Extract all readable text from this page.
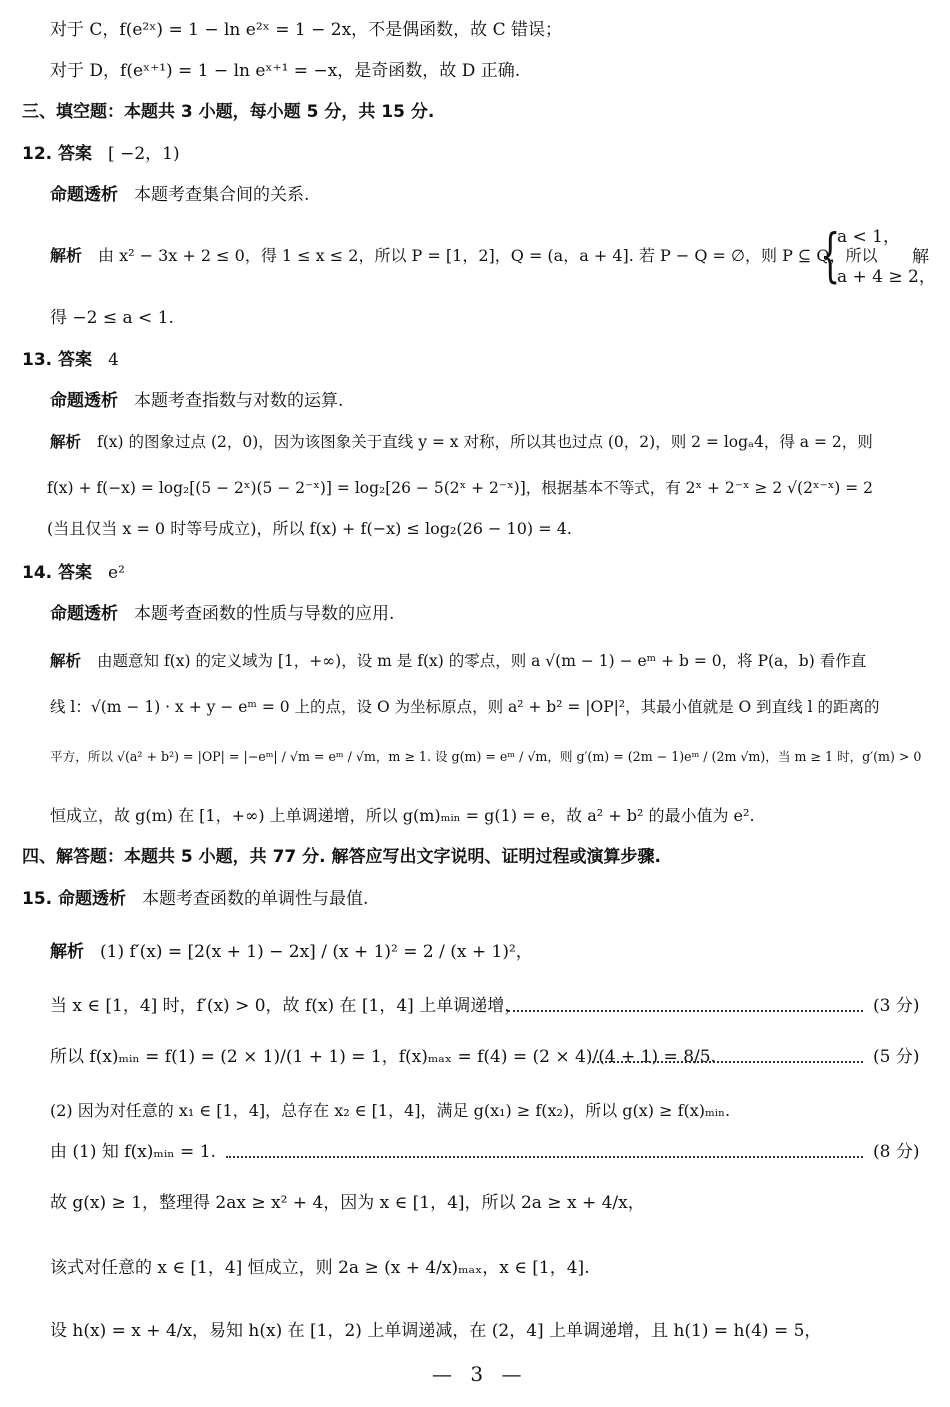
对于 C，f(e²ˣ) = 1 − ln e²ˣ = 1 − 2x，不是偶函数，故 C 错误；
对于 D，f(eˣ⁺¹) = 1 − ln eˣ⁺¹ = −x，是奇函数，故 D 正确.
三、填空题：本题共 3 小题，每小题 5 分，共 15 分.
12. 答案 [ −2，1)
命题透析 本题考查集合间的关系.
解析 由 x² − 3x + 2 ≤ 0，得 1 ≤ x ≤ 2，所以 P = [1，2]，Q = (a，a + 4]. 若 P − Q = ∅，则 P ⊆ Q，所以
{
a < 1，
a + 4 ≥ 2，
解
得 −2 ≤ a < 1.
13. 答案 4
命题透析 本题考查指数与对数的运算.
解析 f(x) 的图象过点 (2，0)，因为该图象关于直线 y = x 对称，所以其也过点 (0，2)，则 2 = logₐ4，得 a = 2，则
f(x) + f(−x) = log₂[(5 − 2ˣ)(5 − 2⁻ˣ)] = log₂[26 − 5(2ˣ + 2⁻ˣ)]，根据基本不等式，有 2ˣ + 2⁻ˣ ≥ 2 √(2ˣ⁻ˣ) = 2
(当且仅当 x = 0 时等号成立)，所以 f(x) + f(−x) ≤ log₂(26 − 10) = 4.
14. 答案 e²
命题透析 本题考查函数的性质与导数的应用.
解析 由题意知 f(x) 的定义域为 [1，+∞)，设 m 是 f(x) 的零点，则 a √(m − 1) − eᵐ + b = 0，将 P(a，b) 看作直
线 l：√(m − 1) · x + y − eᵐ = 0 上的点，设 O 为坐标原点，则 a² + b² = |OP|²，其最小值就是 O 到直线 l 的距离的
平方，所以 √(a² + b²) = |OP| = |−eᵐ| / √m = eᵐ / √m，m ≥ 1. 设 g(m) = eᵐ / √m，则 g′(m) = (2m − 1)eᵐ / (2m √m)，当 m ≥ 1 时，g′(m) > 0
恒成立，故 g(m) 在 [1，+∞) 上单调递增，所以 g(m)ₘᵢₙ = g(1) = e，故 a² + b² 的最小值为 e².
四、解答题：本题共 5 小题，共 77 分. 解答应写出文字说明、证明过程或演算步骤.
15. 命题透析 本题考查函数的单调性与最值.
解析 (1) f′(x) = [2(x + 1) − 2x] / (x + 1)² = 2 / (x + 1)²，
当 x ∈ [1，4] 时，f′(x) > 0，故 f(x) 在 [1，4] 上单调递增，	(3 分)
所以 f(x)ₘᵢₙ = f(1) = (2 × 1)/(1 + 1) = 1，f(x)ₘₐₓ = f(4) = (2 × 4)/(4 + 1) = 8/5.	(5 分)
(2) 因为对任意的 x₁ ∈ [1，4]，总存在 x₂ ∈ [1，4]，满足 g(x₁) ≥ f(x₂)，所以 g(x) ≥ f(x)ₘᵢₙ.
由 (1) 知 f(x)ₘᵢₙ = 1.	(8 分)
故 g(x) ≥ 1，整理得 2ax ≥ x² + 4，因为 x ∈ [1，4]，所以 2a ≥ x + 4/x，
该式对任意的 x ∈ [1，4] 恒成立，则 2a ≥ (x + 4/x)ₘₐₓ，x ∈ [1，4].
设 h(x) = x + 4/x，易知 h(x) 在 [1，2) 上单调递减，在 (2，4] 上单调递增，且 h(1) = h(4) = 5，
— 3 —
